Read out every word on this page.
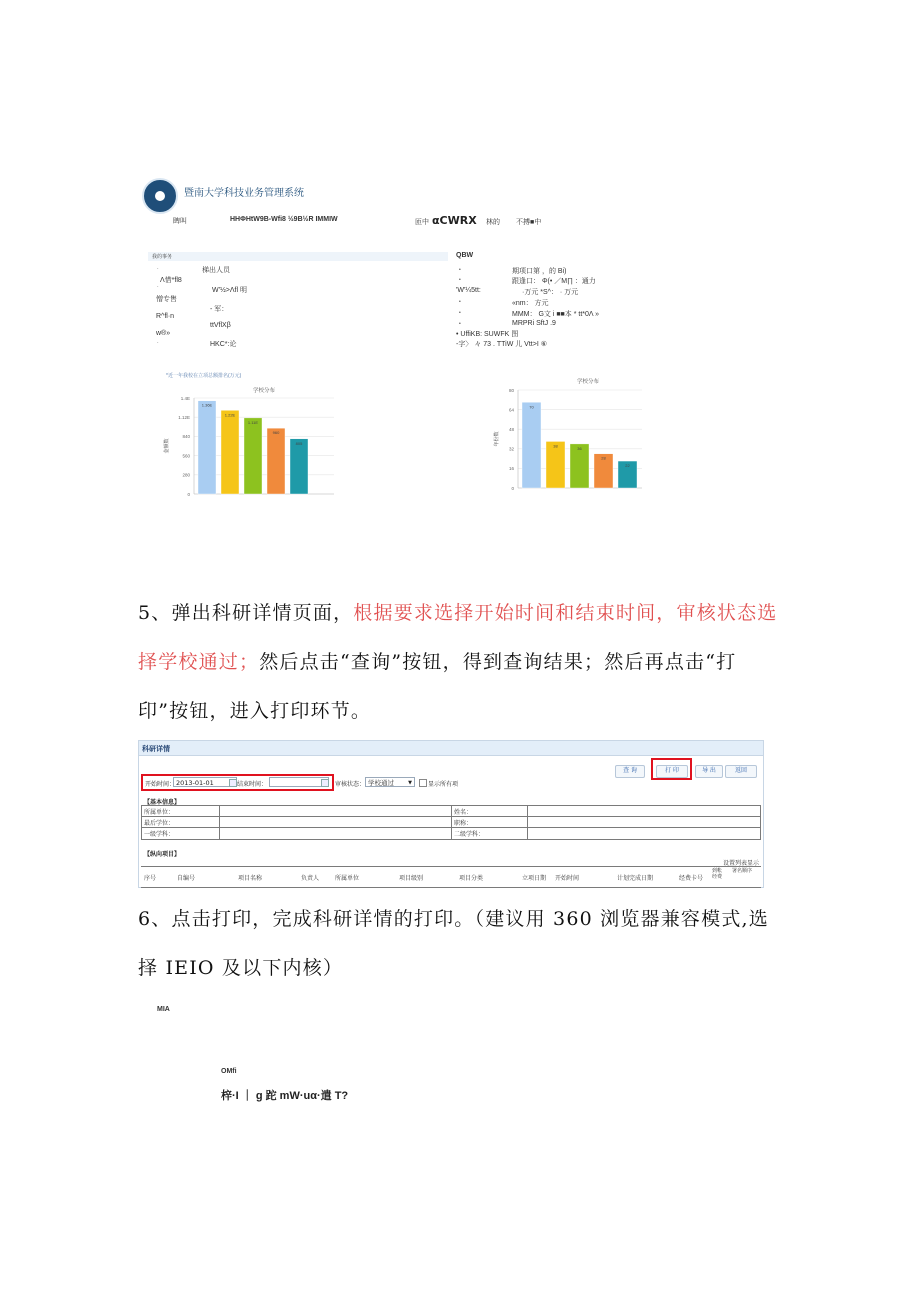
暨南大学科技业务管理系统
睥叫	HHΦHtW9B-Wfi8 ½9B½R IMMIW	匝中 αCWRX 林的 不搏■中
我的事务
·	梯出人员
Λ惜*fl8
·	W'½>Λfl 明
憎专售
- 军：
R^fl·n
ttVflXβ
w®»
·	HKC*:论
QBW
•	期项口第 ，的 Bi)
•	跟逢口： Φ(• ／M∏ ：通力
'W'¼5tt:	·万元 *S^： · 万元
•	«nm： 方元
•	MMM： G文 i ■■本 * tt*0Λ »
•	MRPRi SftJ .9
• UffiKB: SUWFK 图
-字〉 々 73 . TTiW 儿 Vtt>I ⑥
*近一年我校在立项总额排名(万元)
学校分布
0
280
560
840
1.12E
1.4E
金额数
1.36E
1.22E
1.11E
960
805
学校分布
0
16
32
48
64
80
年份数
70
38	36
28
22
5、弹出科研详情页面，根据要求选择开始时间和结束时间，审核状态选
择学校通过；然后点击“查询”按钮，得到查询结果；然后再点击“打
印”按钮，进入打印环节。
科研详情
查 询	打 印	导 出	返回
开始时间： 2013-01-01	结束时间：	审核状态： 学校通过	▼	显示所有项
【基本信息】
所属单位：	姓名：
最后学位：	职称：
一级学科：	二级学科：
【纵向项目】
设置列表显示
序号	自编号	项目名称	负责人	所属单位	项目级别	项目分类	立项日期 开始时间	计划完成日期	经费卡号
到帐经费
署名顺序
6、点击打印，完成科研详情的打印。（建议用 360 浏览器兼容模式,选
择 IEIO 及以下内核）
MIA
OMfi
梓·I ｜ g 跎 mW·uα·遣 T?
